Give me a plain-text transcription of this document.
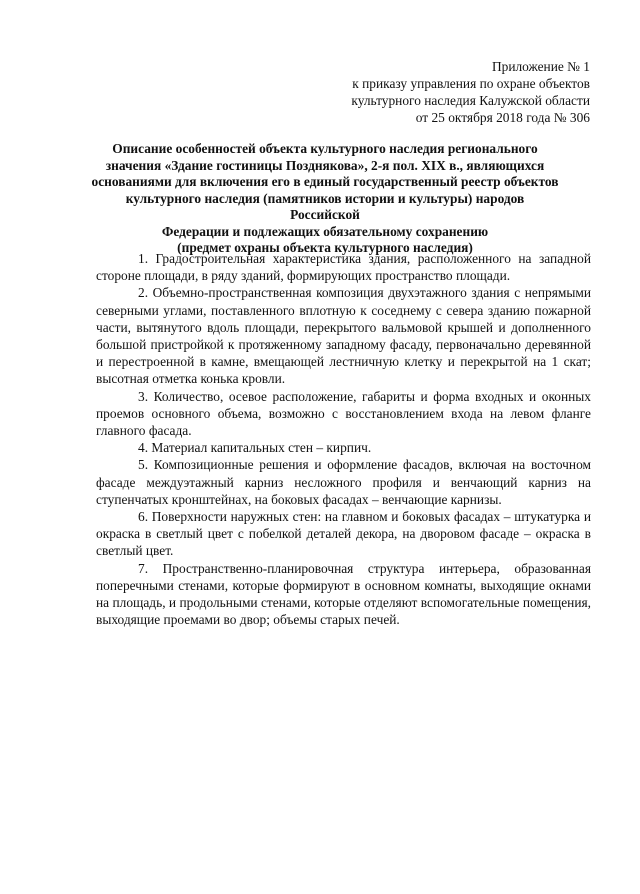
Приложение № 1
к приказу управления по охране объектов
культурного наследия Калужской области
от 25 октября 2018 года № 306
Описание особенностей объекта культурного наследия регионального
значения «Здание гостиницы Позднякова», 2-я пол. XIX в., являющихся
основаниями для включения его в единый государственный реестр объектов
культурного наследия (памятников истории и культуры) народов Российской
Федерации и подлежащих обязательному сохранению
(предмет охраны объекта культурного наследия)

1. Градостроительная характеристика здания, расположенного на западной стороне площади, в ряду зданий, формирующих пространство площади.

2. Объемно-пространственная композиция двухэтажного здания с непрямыми северными углами, поставленного вплотную к соседнему с севера зданию пожарной части, вытянутого вдоль площади, перекрытого вальмовой крышей и дополненного большой пристройкой к протяженному западному фасаду, первоначально деревянной и перестроенной в камне, вмещающей лестничную клетку и перекрытой на 1 скат; высотная отметка конька кровли.

3. Количество, осевое расположение, габариты и форма входных и оконных проемов основного объема, возможно с восстановлением входа на левом фланге главного фасада.

4. Материал капитальных стен – кирпич.

5. Композиционные решения и оформление фасадов, включая на восточном фасаде междуэтажный карниз несложного профиля и венчающий карниз на ступенчатых кронштейнах, на боковых фасадах – венчающие карнизы.

6. Поверхности наружных стен: на главном и боковых фасадах – штукатурка и окраска в светлый цвет с побелкой деталей декора, на дворовом фасаде – окраска в светлый цвет.

7. Пространственно-планировочная структура интерьера, образованная поперечными стенами, которые формируют в основном комнаты, выходящие окнами на площадь, и продольными стенами, которые отделяют вспомогательные помещения, выходящие проемами во двор; объемы старых печей.
